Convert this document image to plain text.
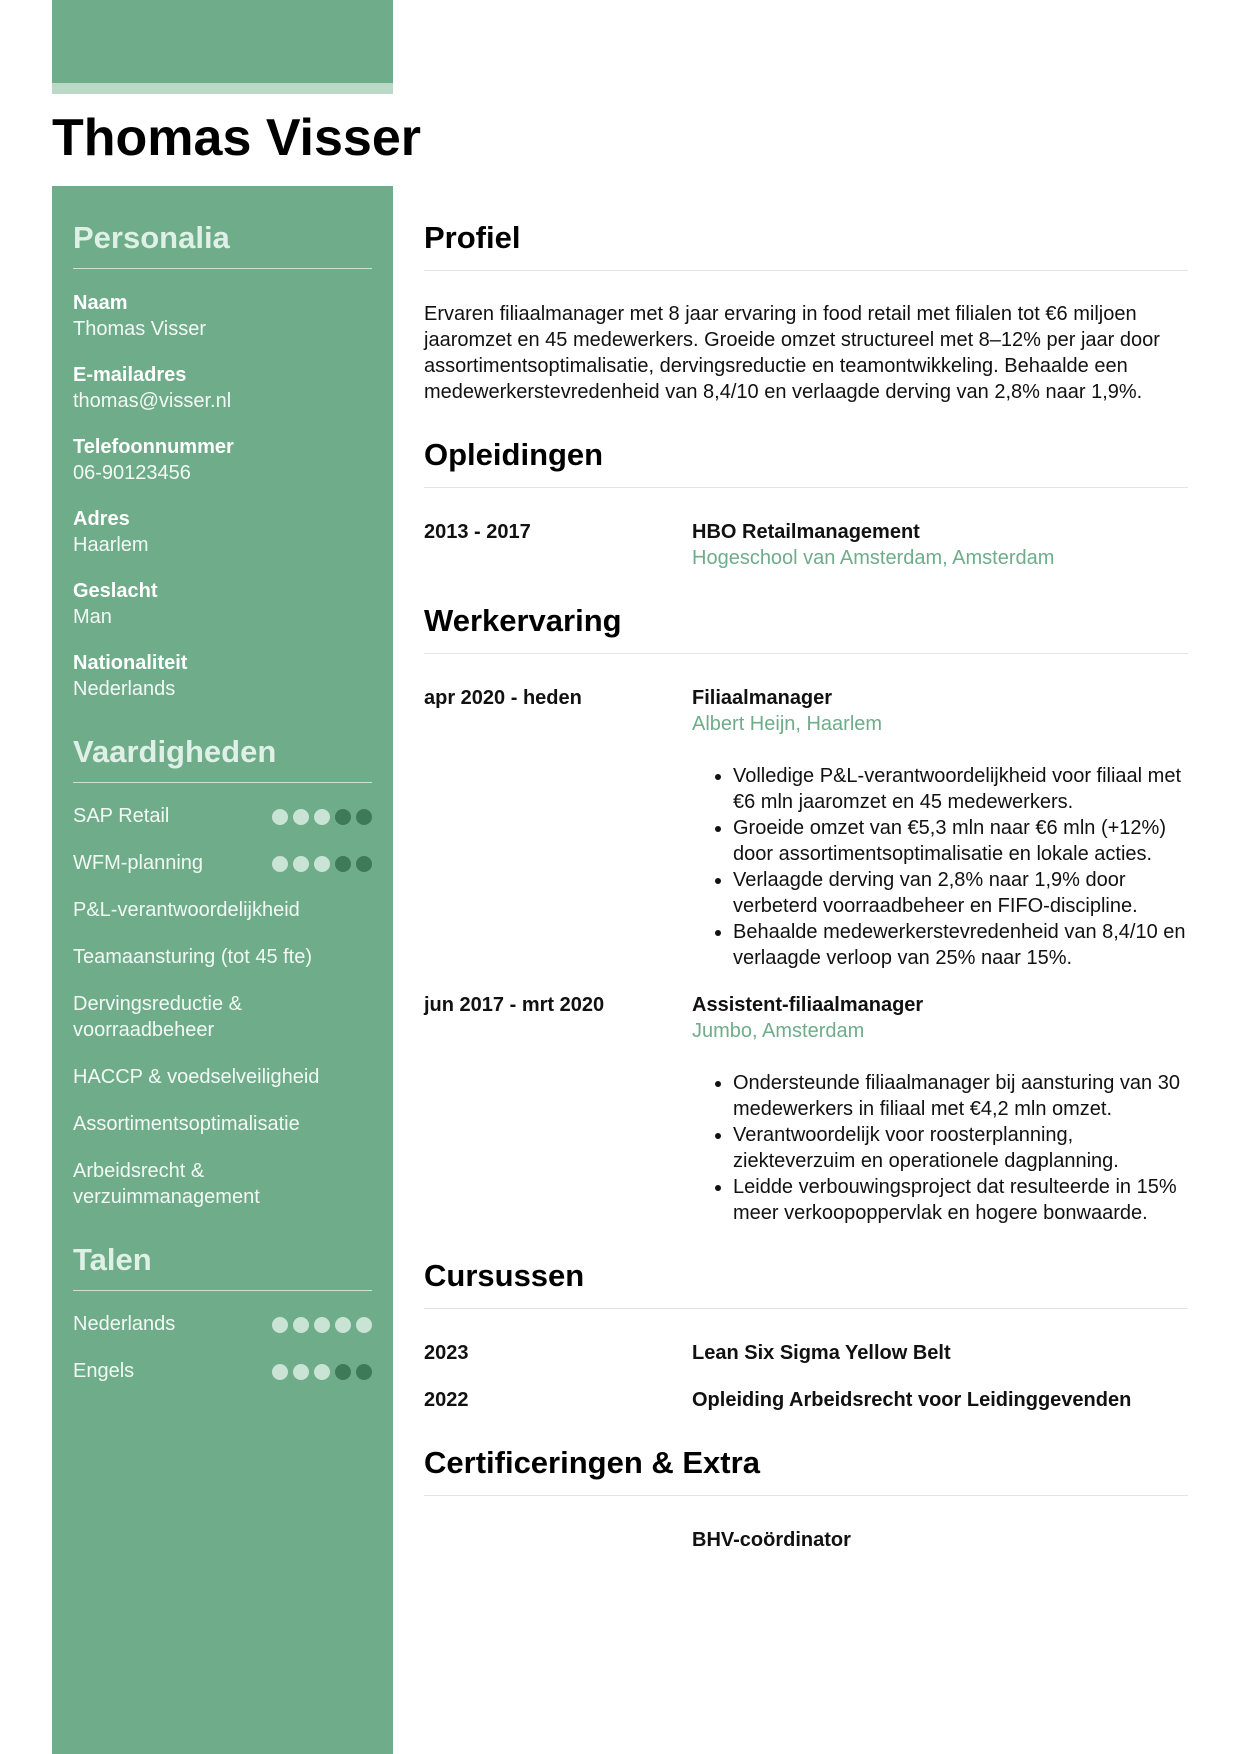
Thomas Visser
Personalia
Naam
Thomas Visser
E-mailadres
thomas@visser.nl
Telefoonnummer
06-90123456
Adres
Haarlem
Geslacht
Man
Nationaliteit
Nederlands
Vaardigheden
SAP Retail
WFM-planning
P&L-verantwoordelijkheid
Teamaansturing (tot 45 fte)
Dervingsreductie & voorraadbeheer
HACCP & voedselveiligheid
Assortimentsoptimalisatie
Arbeidsrecht & verzuimmanagement
Talen
Nederlands
Engels
Profiel
Ervaren filiaalmanager met 8 jaar ervaring in food retail met filialen tot €6 miljoen jaaromzet en 45 medewerkers. Groeide omzet structureel met 8–12% per jaar door assortimentsoptimalisatie, dervingsreductie en teamontwikkeling. Behaalde een medewerkerstevredenheid van 8,4/10 en verlaagde derving van 2,8% naar 1,9%.
Opleidingen
2013 - 2017	HBO Retailmanagement
Hogeschool van Amsterdam, Amsterdam
Werkervaring
apr 2020 - heden	Filiaalmanager
Albert Heijn, Haarlem
• Volledige P&L-verantwoordelijkheid voor filiaal met €6 mln jaaromzet en 45 medewerkers.
• Groeide omzet van €5,3 mln naar €6 mln (+12%) door assortimentsoptimalisatie en lokale acties.
• Verlaagde derving van 2,8% naar 1,9% door verbeterd voorraadbeheer en FIFO-discipline.
• Behaalde medewerkerstevredenheid van 8,4/10 en verlaagde verloop van 25% naar 15%.
jun 2017 - mrt 2020	Assistent-filiaalmanager
Jumbo, Amsterdam
• Ondersteunde filiaalmanager bij aansturing van 30 medewerkers in filiaal met €4,2 mln omzet.
• Verantwoordelijk voor roosterplanning, ziekteverzuim en operationele dagplanning.
• Leidde verbouwingsproject dat resulteerde in 15% meer verkoopoppervlak en hogere bonwaarde.
Cursussen
2023	Lean Six Sigma Yellow Belt
2022	Opleiding Arbeidsrecht voor Leidinggevenden
Certificeringen & Extra
BHV-coördinator
